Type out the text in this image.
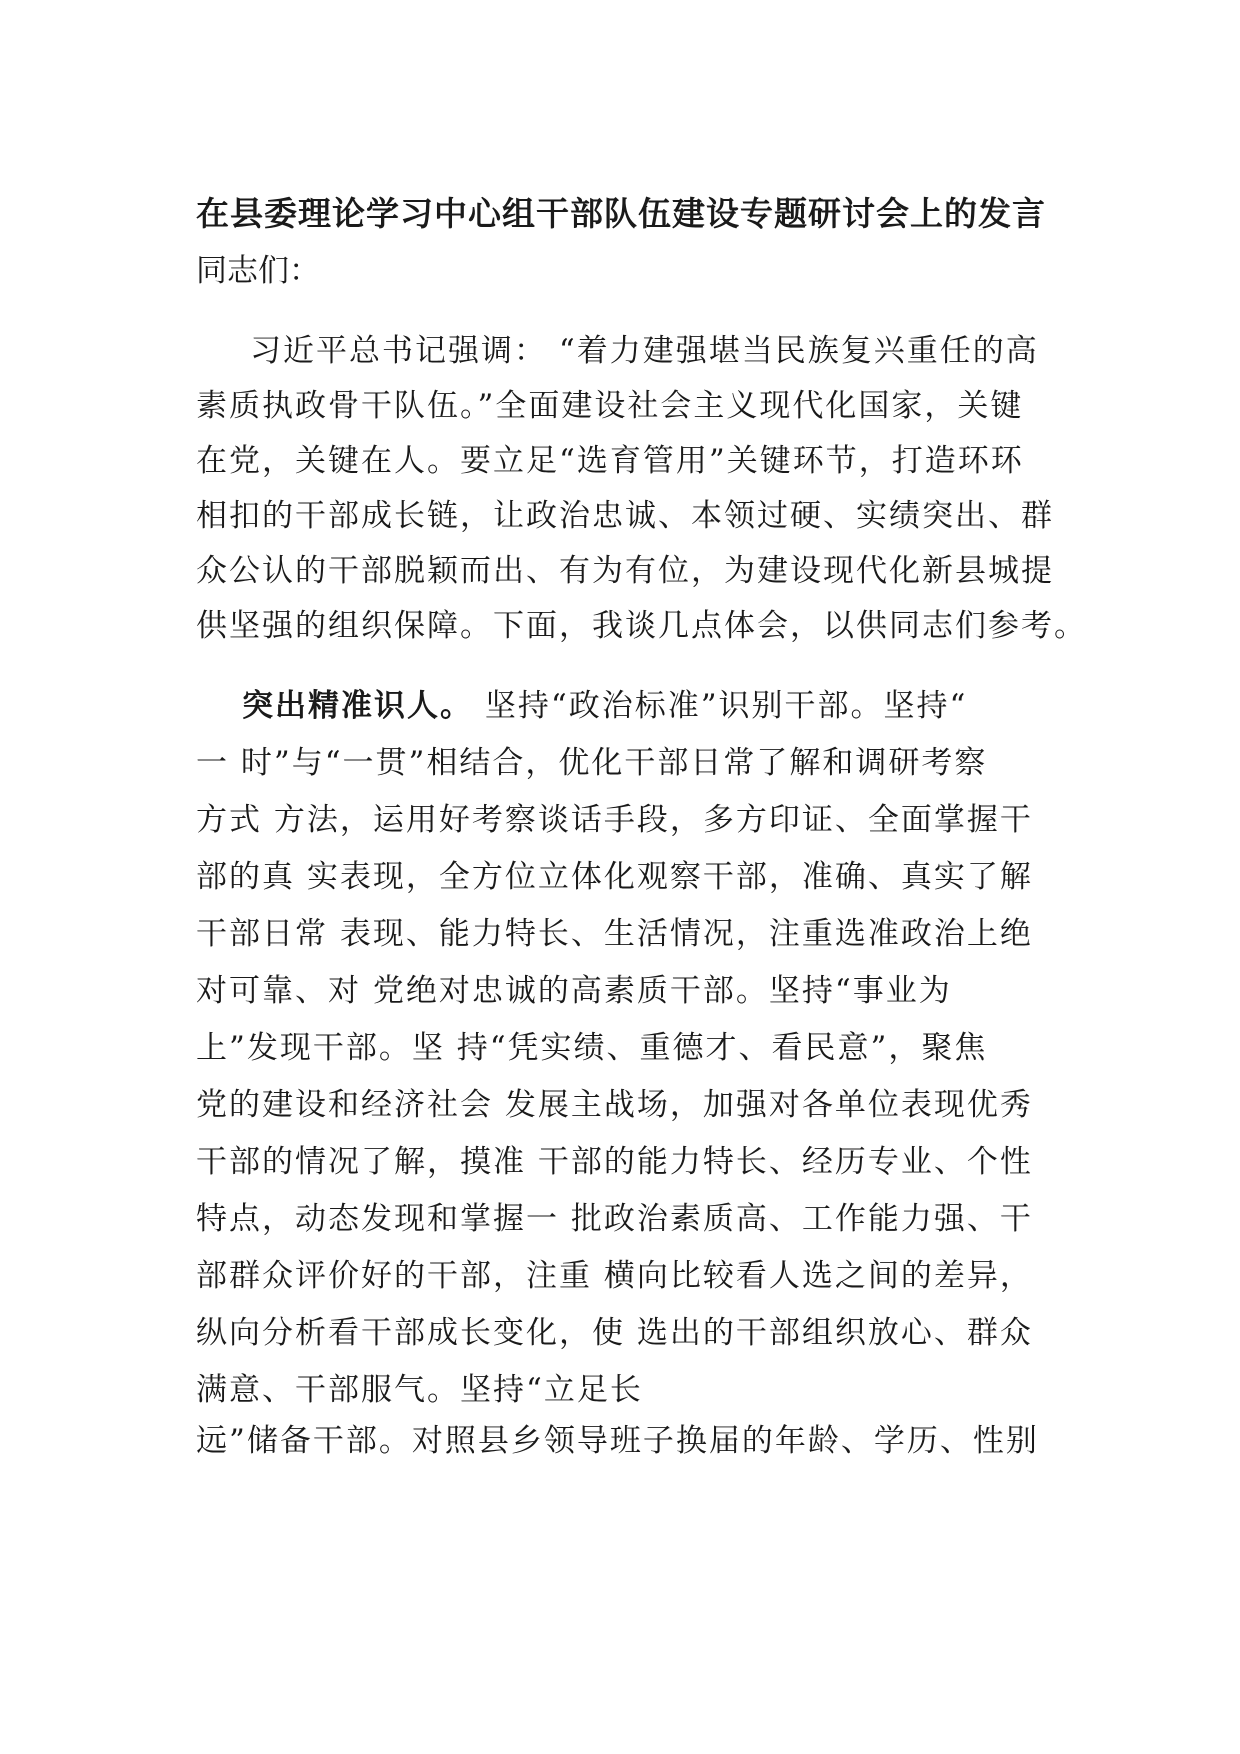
在县委理论学习中心组干部队伍建设专题研讨会上的发言
同志们：
习近平总书记强调： “着力建强堪当民族复兴重任的高
素质执政骨干队伍。”全面建设社会主义现代化国家，关键
在党，关键在人。要立足“选育管用”关键环节，打造环环
相扣的干部成长链，让政治忠诚、本领过硬、实绩突出、群
众公认的干部脱颖而出、有为有位，为建设现代化新县城提
供坚强的组织保障。下面，我谈几点体会，以供同志们参考。
突出精准识人。 坚持“政治标准”识别干部。坚持“
一 时”与“一贯”相结合，优化干部日常了解和调研考察
方式 方法，运用好考察谈话手段，多方印证、全面掌握干
部的真 实表现，全方位立体化观察干部，准确、真实了解
干部日常 表现、能力特长、生活情况，注重选准政治上绝
对可靠、对 党绝对忠诚的高素质干部。坚持“事业为
上”发现干部。坚 持“凭实绩、重德才、看民意”，聚焦
党的建设和经济社会 发展主战场，加强对各单位表现优秀
干部的情况了解，摸准 干部的能力特长、经历专业、个性
特点，动态发现和掌握一 批政治素质高、工作能力强、干
部群众评价好的干部，注重 横向比较看人选之间的差异，
纵向分析看干部成长变化，使 选出的干部组织放心、群众
满意、干部服气。坚持“立足长
远”储备干部。对照县乡领导班子换届的年龄、学历、性别
